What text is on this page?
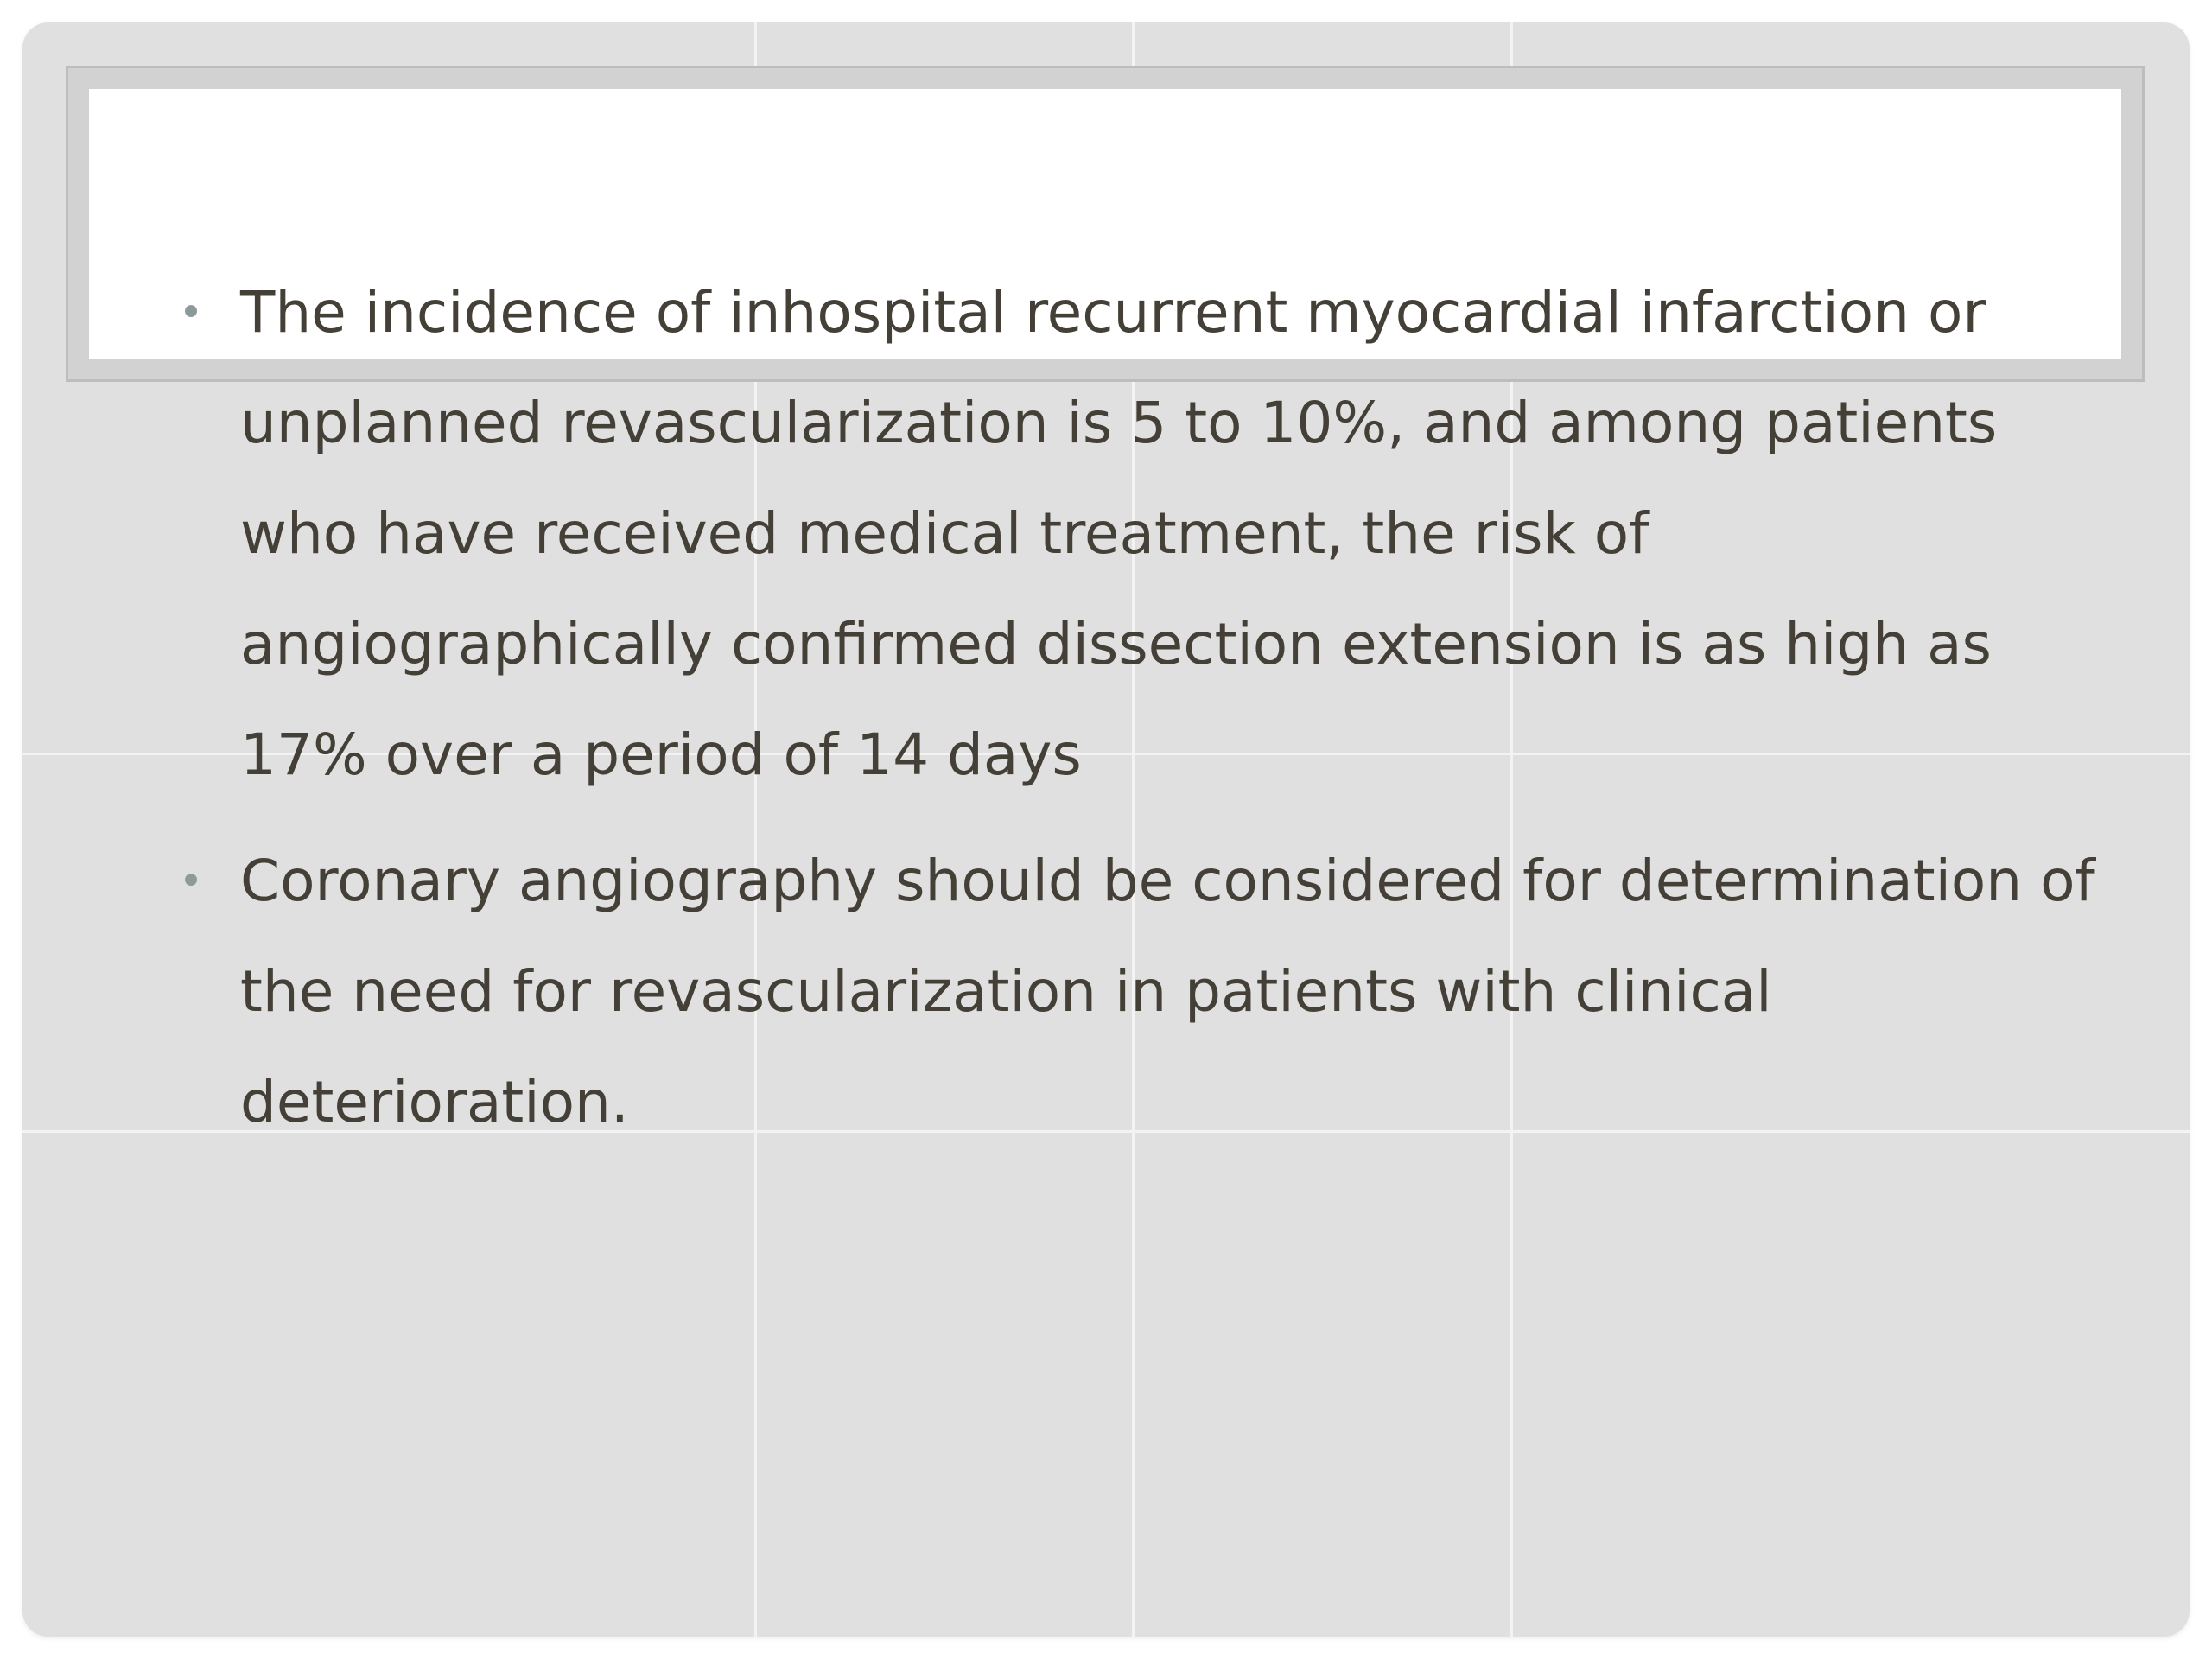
• The incidence of inhospital recurrent myocardial infarction or unplanned revascularization is 5 to 10%, and among patients who have received medical treatment, the risk of angiographically confirmed dissection extension is as high as 17% over a period of 14 days
• Coronary angiography should be considered for determination of the need for revascularization in patients with clinical deterioration.
